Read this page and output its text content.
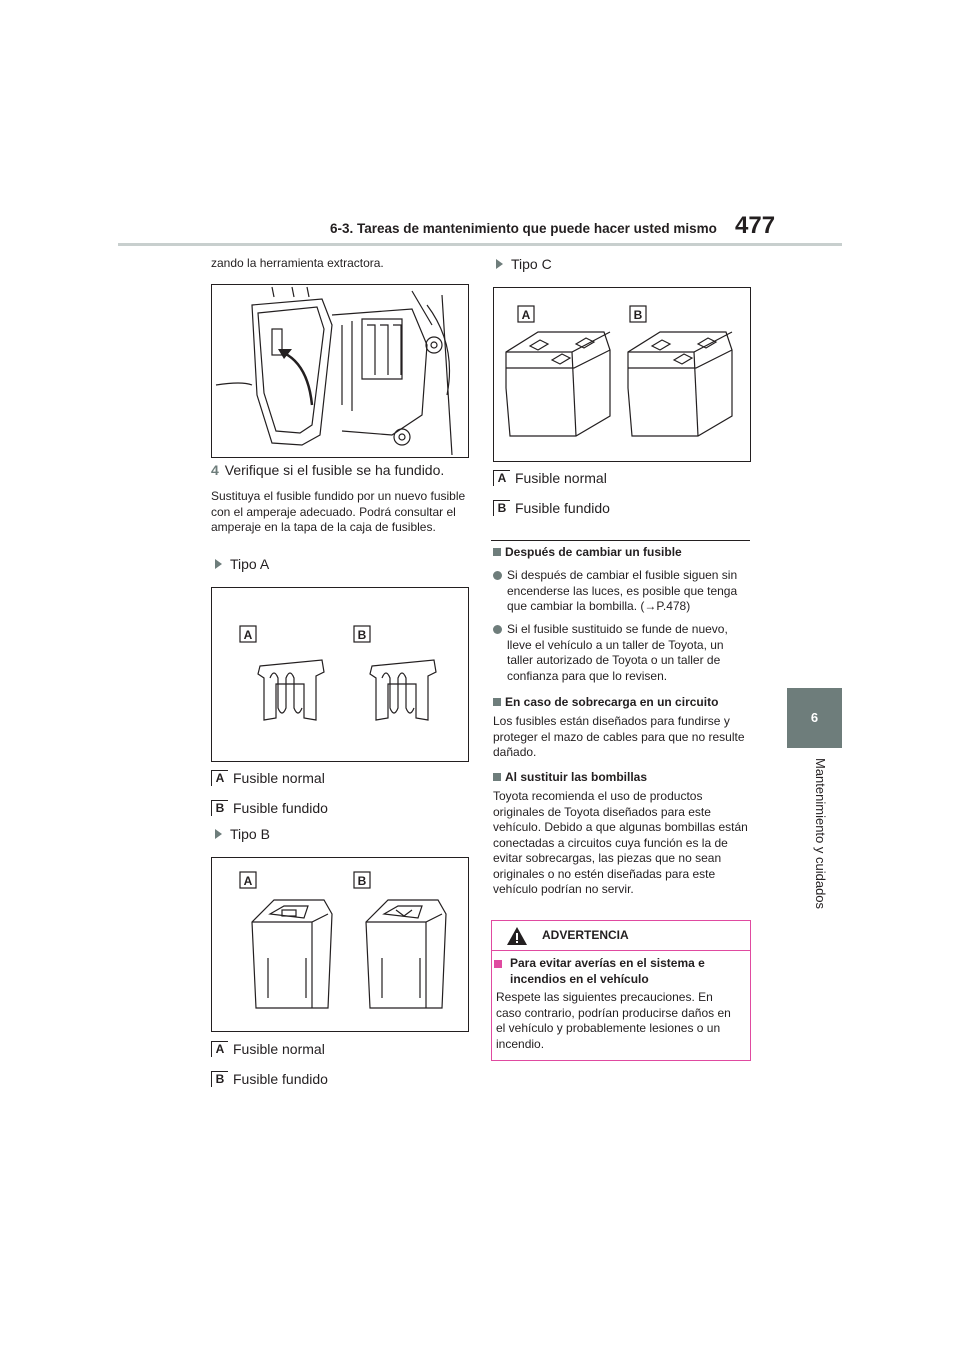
6-3. Tareas de mantenimiento que puede hacer usted mismo 477
6
Mantenimiento y cuidados
zando la herramienta extractora.
4 Verifique si el fusible se ha fundido.
Sustituya el fusible fundido por un nuevo fusible con el amperaje adecuado. Podrá consultar el amperaje en la tapa de la caja de fusibles.
Tipo A
A	B
A Fusible normal
B Fusible fundido
Tipo B
A	B
A Fusible normal
B Fusible fundido
Tipo C
A	B
A Fusible normal
B Fusible fundido
Después de cambiar un fusible
Si después de cambiar el fusible siguen sin encenderse las luces, es posible que tenga que cambiar la bombilla. (→P.478)
Si el fusible sustituido se funde de nuevo, lleve el vehículo a un taller de Toyota, un taller autorizado de Toyota o un taller de confianza para que lo revisen.
En caso de sobrecarga en un circuito
Los fusibles están diseñados para fundirse y proteger el mazo de cables para que no resulte dañado.
Al sustituir las bombillas
Toyota recomienda el uso de productos originales de Toyota diseñados para este vehículo. Debido a que algunas bombillas están conectadas a circuitos cuya función es la de evitar sobrecargas, las piezas que no sean originales o no estén diseñadas para este vehículo podrían no servir.
ADVERTENCIA
Para evitar averías en el sistema e incendios en el vehículo
Respete las siguientes precauciones. En caso contrario, podrían producirse daños en el vehículo y probablemente lesiones o un incendio.
